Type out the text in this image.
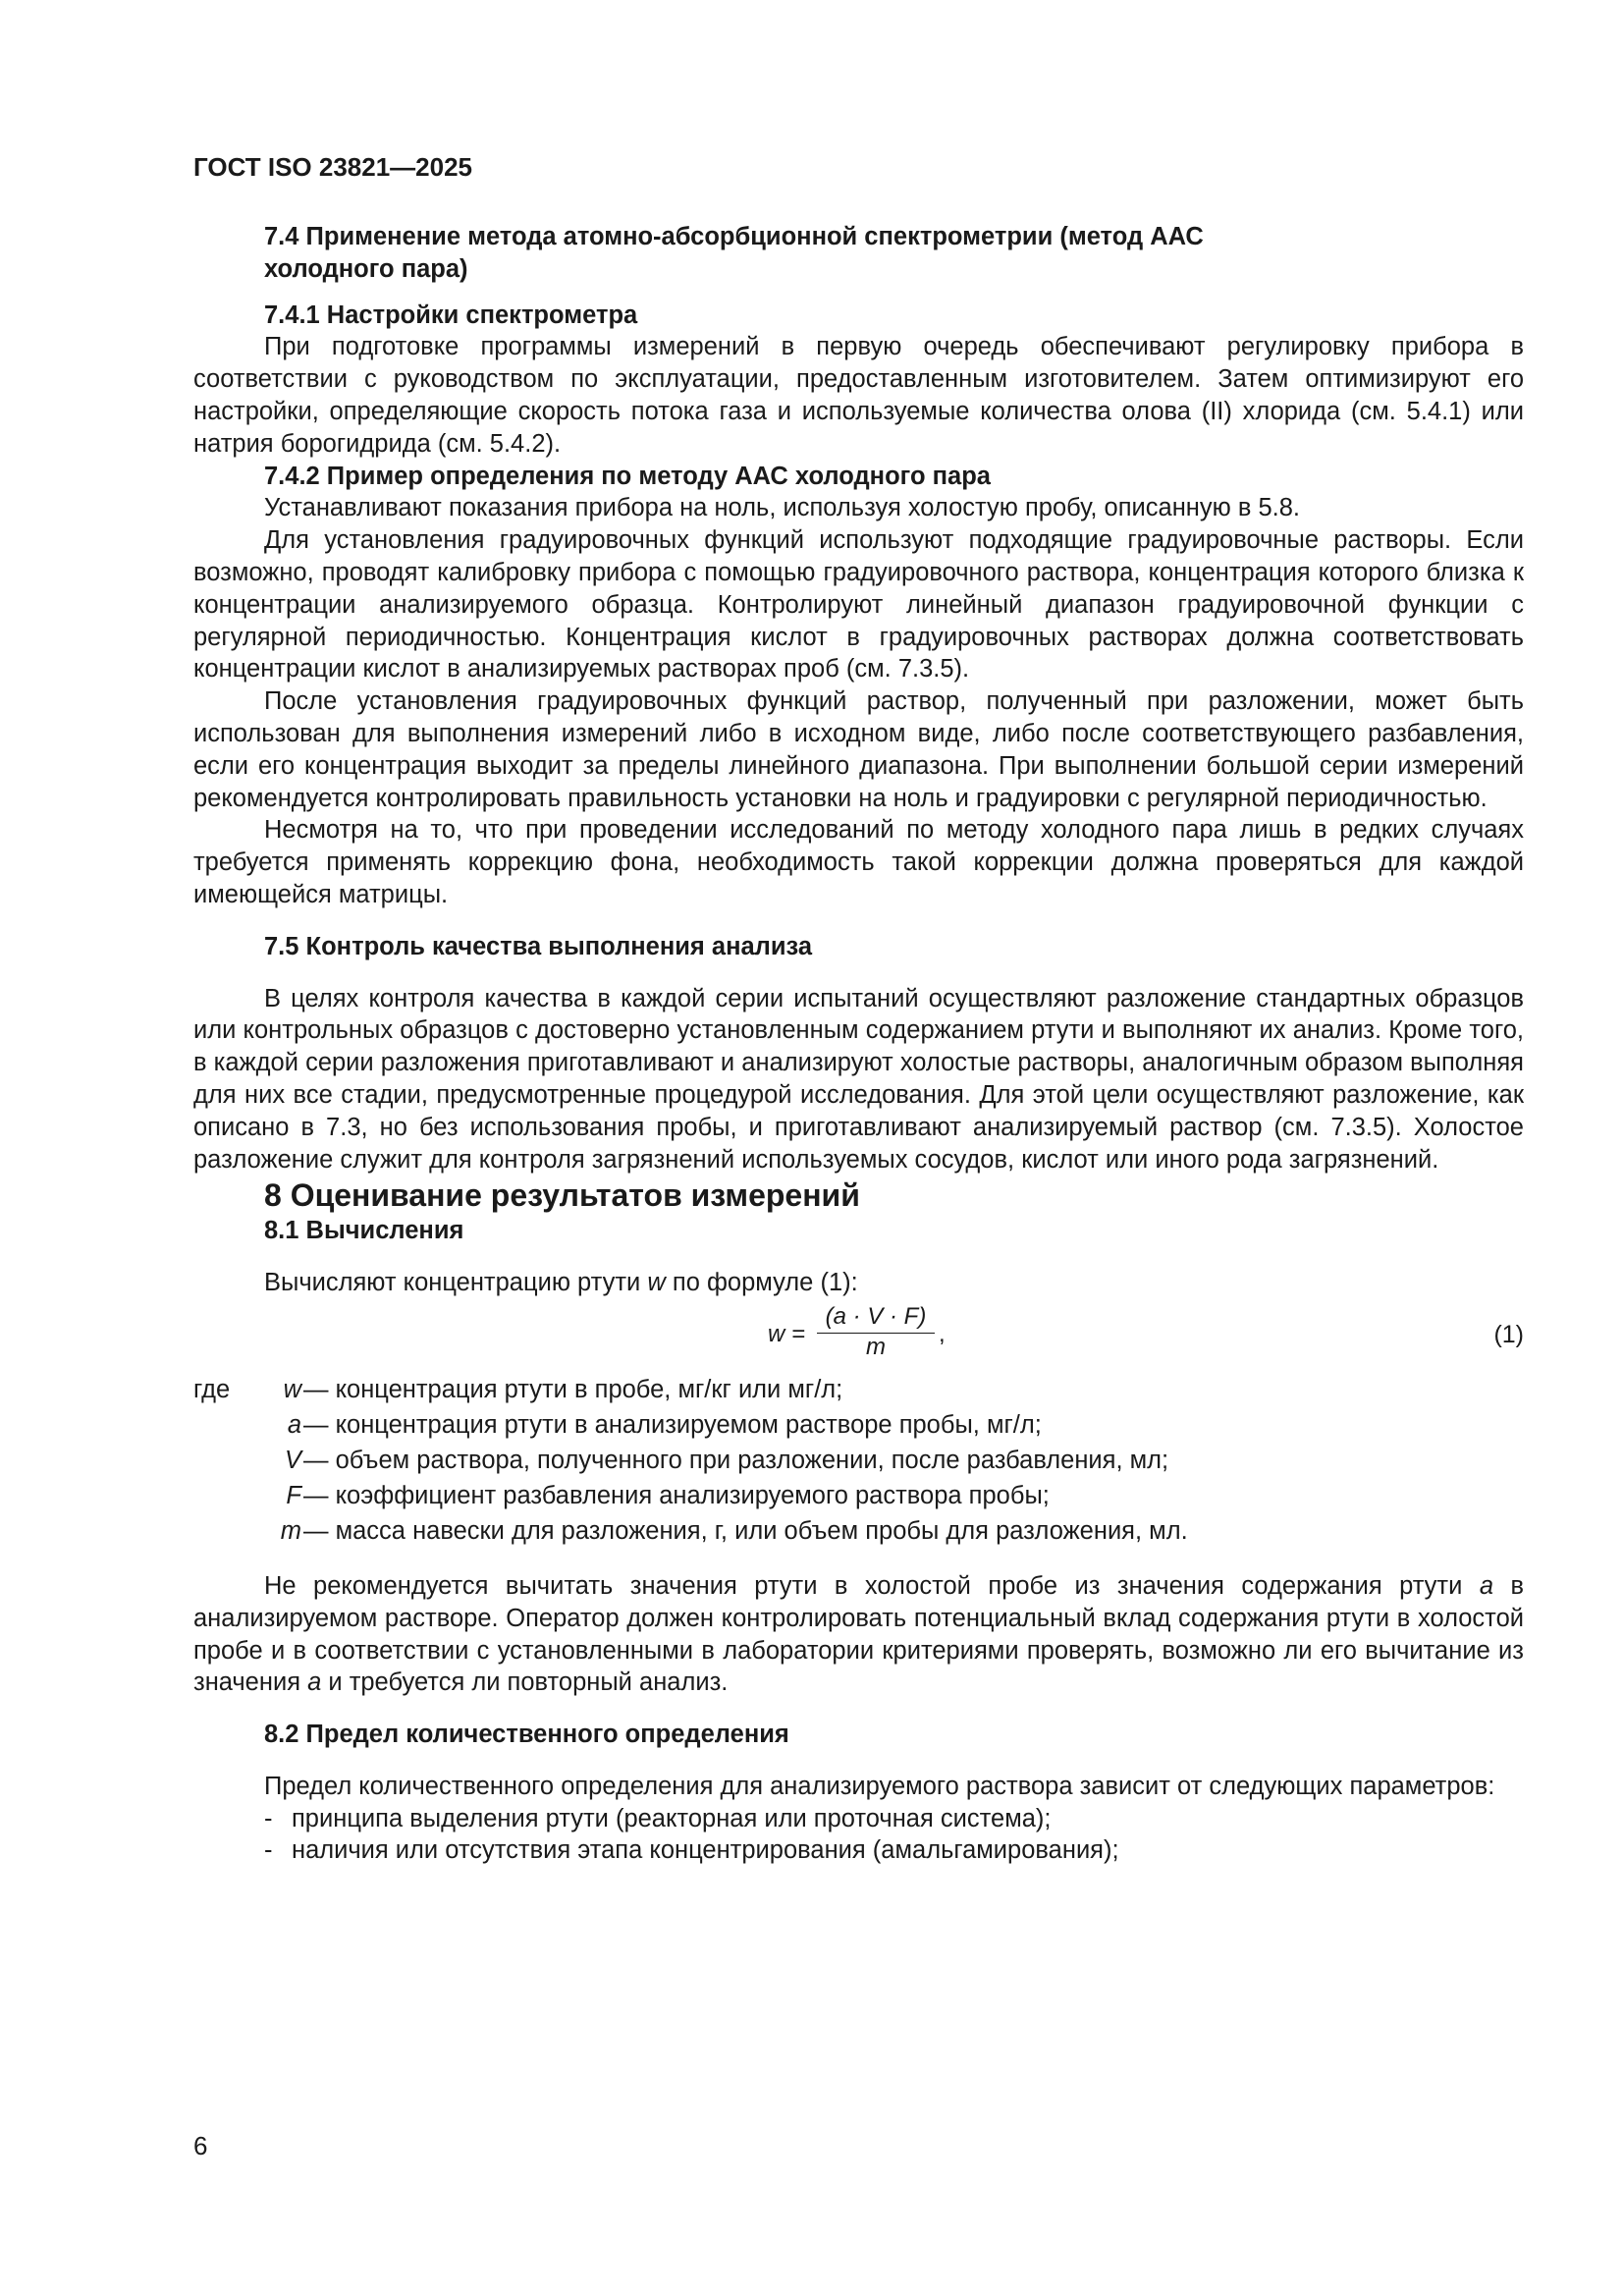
ГОСТ ISO 23821—2025

7.4 Применение метода атомно-абсорбционной спектрометрии (метод ААС
холодного пара)

7.4.1 Настройки спектрометра

При подготовке программы измерений в первую очередь обеспечивают регулировку прибора в соответствии с руководством по эксплуатации, предоставленным изготовителем. Затем оптимизируют его настройки, определяющие скорость потока газа и используемые количества олова (II) хлорида (см. 5.4.1) или натрия борогидрида (см. 5.4.2).

7.4.2 Пример определения по методу ААС холодного пара

Устанавливают показания прибора на ноль, используя холостую пробу, описанную в 5.8.

Для установления градуировочных функций используют подходящие градуировочные растворы. Если возможно, проводят калибровку прибора с помощью градуировочного раствора, концентрация которого близка к концентрации анализируемого образца. Контролируют линейный диапазон градуировочной функции с регулярной периодичностью. Концентрация кислот в градуировочных растворах должна соответствовать концентрации кислот в анализируемых растворах проб (см. 7.3.5).

После установления градуировочных функций раствор, полученный при разложении, может быть использован для выполнения измерений либо в исходном виде, либо после соответствующего разбавления, если его концентрация выходит за пределы линейного диапазона. При выполнении большой серии измерений рекомендуется контролировать правильность установки на ноль и градуировки с регулярной периодичностью.

Несмотря на то, что при проведении исследований по методу холодного пара лишь в редких случаях требуется применять коррекцию фона, необходимость такой коррекции должна проверяться для каждой имеющейся матрицы.

7.5 Контроль качества выполнения анализа

В целях контроля качества в каждой серии испытаний осуществляют разложение стандартных образцов или контрольных образцов с достоверно установленным содержанием ртути и выполняют их анализ. Кроме того, в каждой серии разложения приготавливают и анализируют холостые растворы, аналогичным образом выполняя для них все стадии, предусмотренные процедурой исследования. Для этой цели осуществляют разложение, как описано в 7.3, но без использования пробы, и приготавливают анализируемый раствор (см. 7.3.5). Холостое разложение служит для контроля загрязнений используемых сосудов, кислот или иного рода загрязнений.

8 Оценивание результатов измерений

8.1 Вычисления

Вычисляют концентрацию ртути w по формуле (1):

$w = \frac{(a \cdot V \cdot F)}{m}$ ,	(1)
где	w — концентрация ртути в пробе, мг/кг или мг/л;
a — концентрация ртути в анализируемом растворе пробы, мг/л;
V — объем раствора, полученного при разложении, после разбавления, мл;
F — коэффициент разбавления анализируемого раствора пробы;
m — масса навески для разложения, г, или объем пробы для разложения, мл.

Не рекомендуется вычитать значения ртути в холостой пробе из значения содержания ртути a в анализируемом растворе. Оператор должен контролировать потенциальный вклад содержания ртути в холостой пробе и в соответствии с установленными в лаборатории критериями проверять, возможно ли его вычитание из значения a и требуется ли повторный анализ.

8.2 Предел количественного определения

Предел количественного определения для анализируемого раствора зависит от следующих параметров:

- принципа выделения ртути (реакторная или проточная система);

- наличия или отсутствия этапа концентрирования (амальгамирования);

6
